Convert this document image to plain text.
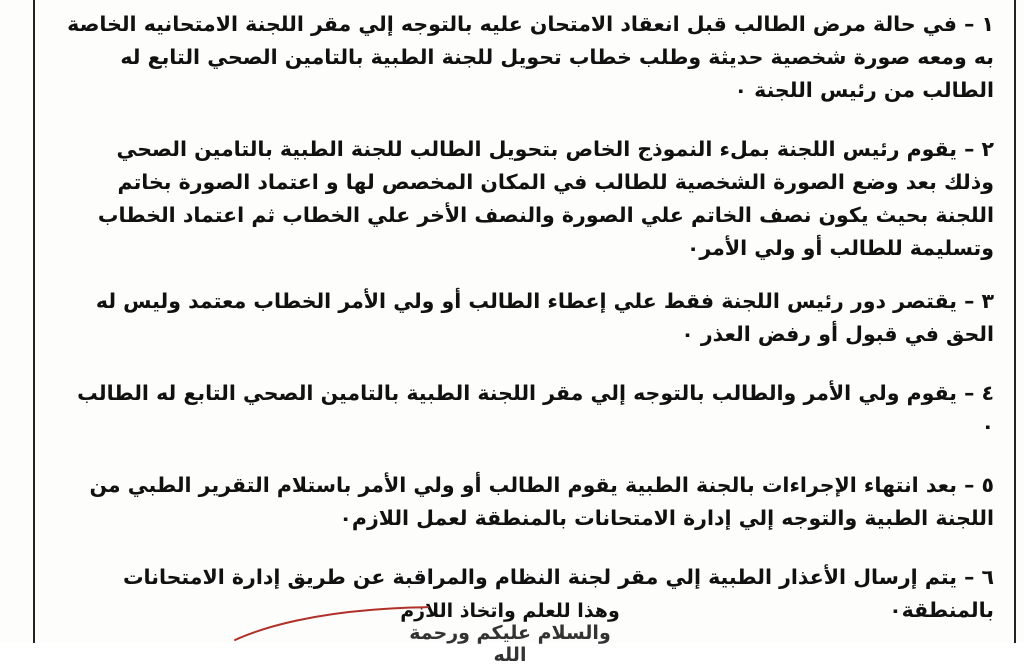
١ – في حالة مرض الطالب قبل انعقاد الامتحان عليه بالتوجه إلي مقر اللجنة الامتحانيه الخاصة به ومعه صورة شخصية حديثة وطلب خطاب تحويل للجنة الطبية بالتامين الصحي التابع له الطالب من رئيس اللجنة ٠

٢ – يقوم رئيس اللجنة بملء النموذج الخاص بتحويل الطالب للجنة الطبية بالتامين الصحي وذلك بعد وضع الصورة الشخصية للطالب في المكان المخصص لها و اعتماد الصورة بخاتم اللجنة بحيث يكون نصف الخاتم علي الصورة والنصف الأخر علي الخطاب ثم اعتماد الخطاب وتسليمة للطالب أو ولي الأمر٠

٣ – يقتصر دور رئيس اللجنة فقط علي إعطاء الطالب أو ولي الأمر الخطاب معتمد وليس له الحق في قبول أو رفض العذر ٠

٤ – يقوم ولي الأمر والطالب بالتوجه إلي مقر اللجنة الطبية بالتامين الصحي التابع له الطالب ٠

٥ – بعد انتهاء الإجراءات بالجنة الطبية يقوم الطالب أو ولي الأمر باستلام التقرير الطبي من اللجنة الطبية والتوجه إلي إدارة الامتحانات بالمنطقة لعمل اللازم٠

٦ – يتم إرسال الأعذار الطبية إلي مقر لجنة النظام والمراقبة عن طريق إدارة الامتحانات بالمنطقة٠

وهذا للعلم واتخاذ اللازم
والسلام عليكم ورحمة الله
